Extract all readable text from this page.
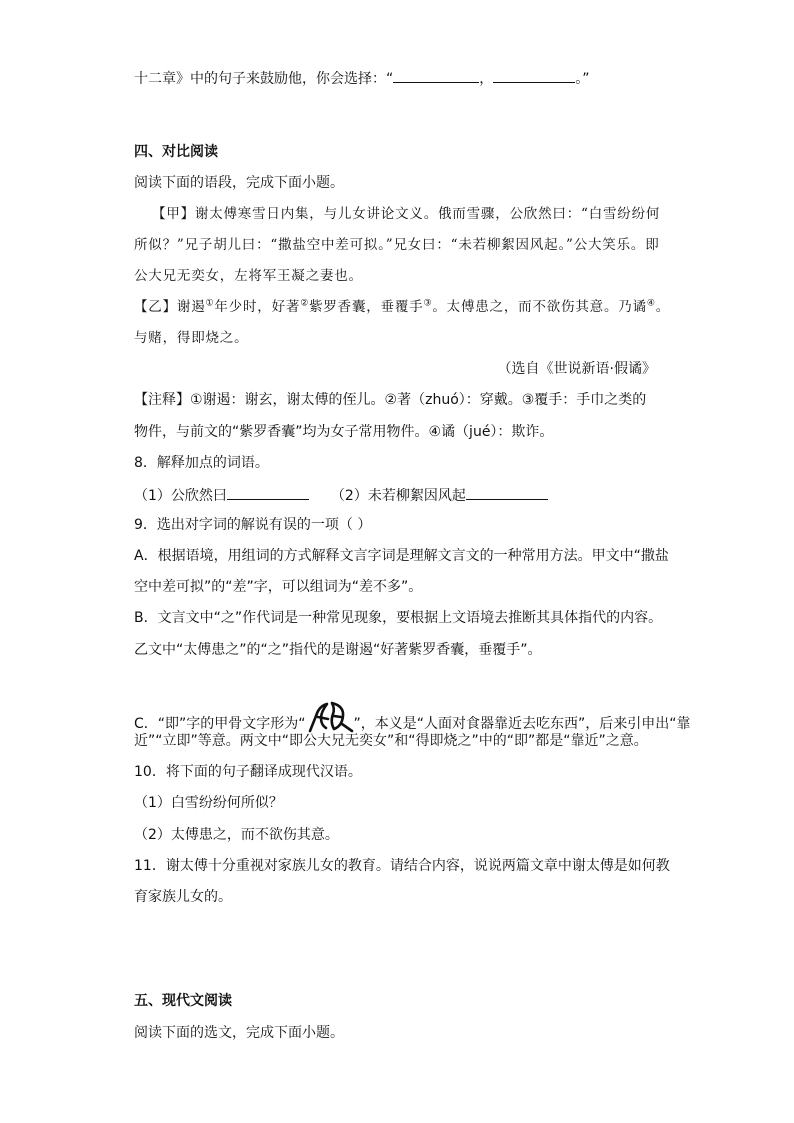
十二章》中的句子来鼓励他，你会选择：“	，	。”
四、对比阅读
阅读下面的语段，完成下面小题。
【甲】谢太傅寒雪日内集，与儿女讲论文义。俄而雪骤，公欣然曰：“白雪纷纷何
所似？”兄子胡儿曰：“撒盐空中差可拟。”兄女曰：“未若柳絮因风起。”公大笑乐。即
公大兄无奕女，左将军王凝之妻也。
【乙】谢遏①年少时，好著②紫罗香囊，垂覆手③。太傅患之，而不欲伤其意。乃谲④。
与赌，得即烧之。
（选自《世说新语·假谲》
【注释】①谢遏：谢玄，谢太傅的侄儿。②著（zhuó）：穿戴。③覆手：手巾之类的
物件，与前文的“紫罗香囊”均为女子常用物件。④谲（jué）：欺诈。
8．解释加点的词语。
（1）公欣然曰	（2）未若柳絮因风起
9．选出对字词的解说有误的一项（ ）
A．根据语境，用组词的方式解释文言字词是理解文言文的一种常用方法。甲文中“撒盐
空中差可拟”的“差”字，可以组词为“差不多”。
B．文言文中“之”作代词是一种常见现象，要根据上文语境去推断其具体指代的内容。
乙文中“太傅患之”的“之”指代的是谢遏“好著紫罗香囊，垂覆手”。
C．“即”字的甲骨文字形为“	”，本义是“人面对食器靠近去吃东西”，后来引申出“靠
近”“立即”等意。两文中“即公大兄无奕女”和“得即烧之”中的“即”都是“靠近”之意。
10．将下面的句子翻译成现代汉语。
（1）白雪纷纷何所似？
（2）太傅患之，而不欲伤其意。
11．谢太傅十分重视对家族儿女的教育。请结合内容，说说两篇文章中谢太傅是如何教
育家族儿女的。
五、现代文阅读
阅读下面的选文，完成下面小题。
